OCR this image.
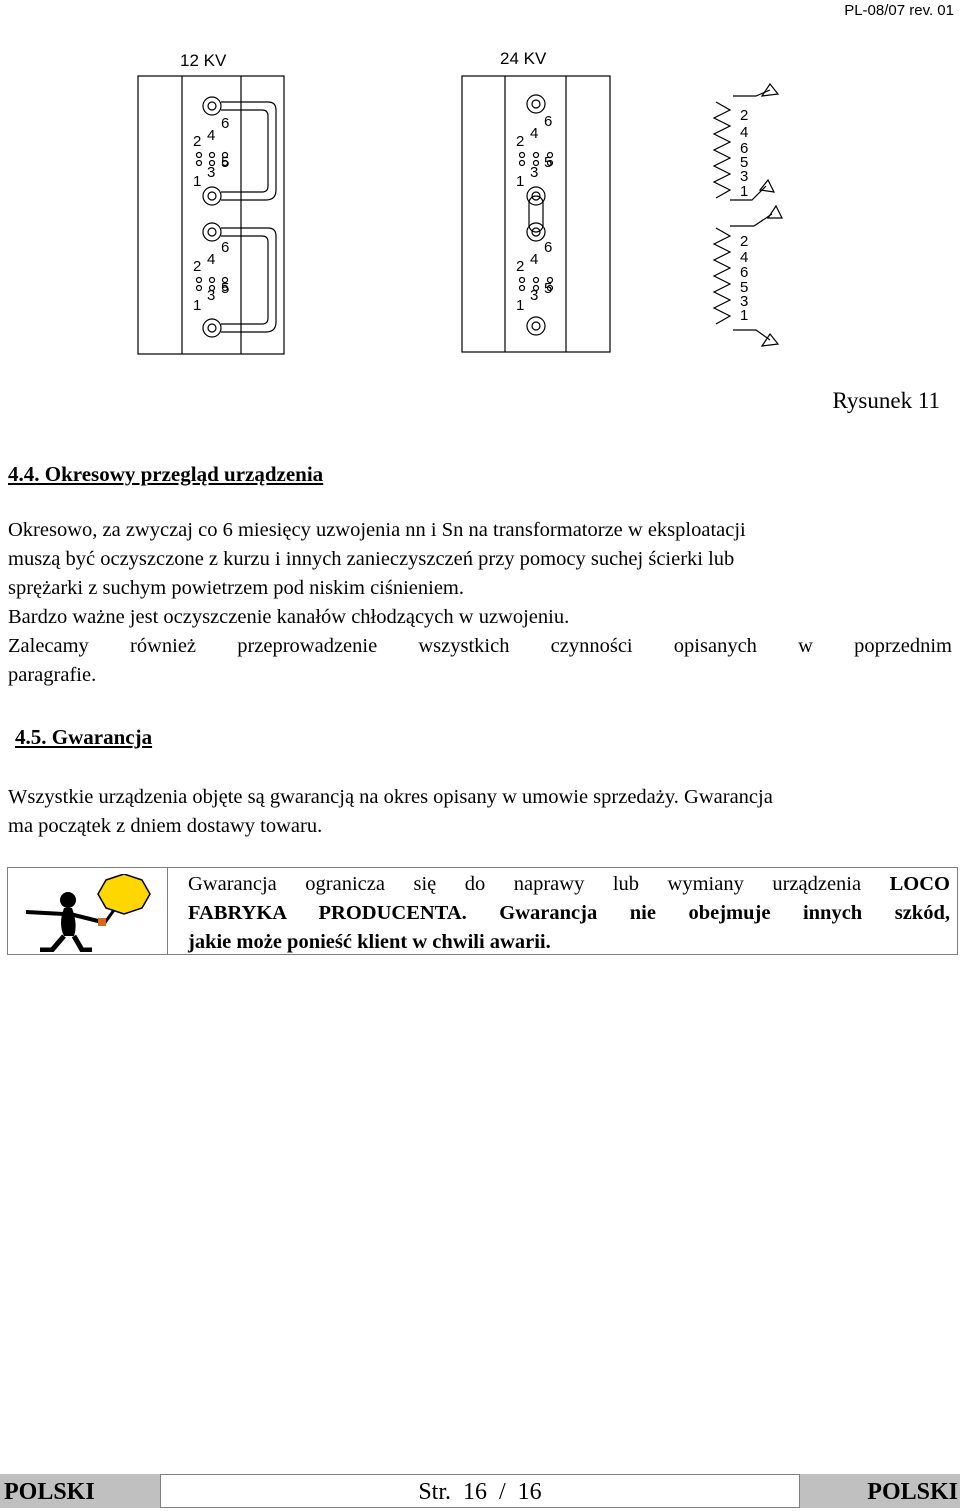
PL-08/07 rev. 01
12 KV	24 KV
2 4
6
5
3
1
2 4
6
5
3
1
2 4
6
5
3
1
2 4
6
5
3
1
2
4
6
5
3
1
2
4
6
5
3
1
Rysunek 11
4.4. Okresowy przegląd urządzenia
Okresowo, za zwyczaj co 6 miesięcy uzwojenia nn i Sn na transformatorze w eksploatacji
muszą być oczyszczone z kurzu i innych zanieczyszczeń przy pomocy suchej ścierki lub
sprężarki z suchym powietrzem pod niskim ciśnieniem.
Bardzo ważne jest oczyszczenie kanałów chłodzących w uzwojeniu.
Zalecamy również przeprowadzenie wszystkich czynności opisanych w poprzednim
paragrafie.
4.5. Gwarancja
Wszystkie urządzenia objęte są gwarancją na okres opisany w umowie sprzedaży. Gwarancja
ma początek z dniem dostawy towaru.
Gwarancja ogranicza się do naprawy lub wymiany urządzenia LOCO
FABRYKA PRODUCENTA. Gwarancja nie obejmuje innych szkód,
jakie może ponieść klient w chwili awarii.
POLSKI	Str.  16  /  16	POLSKI
